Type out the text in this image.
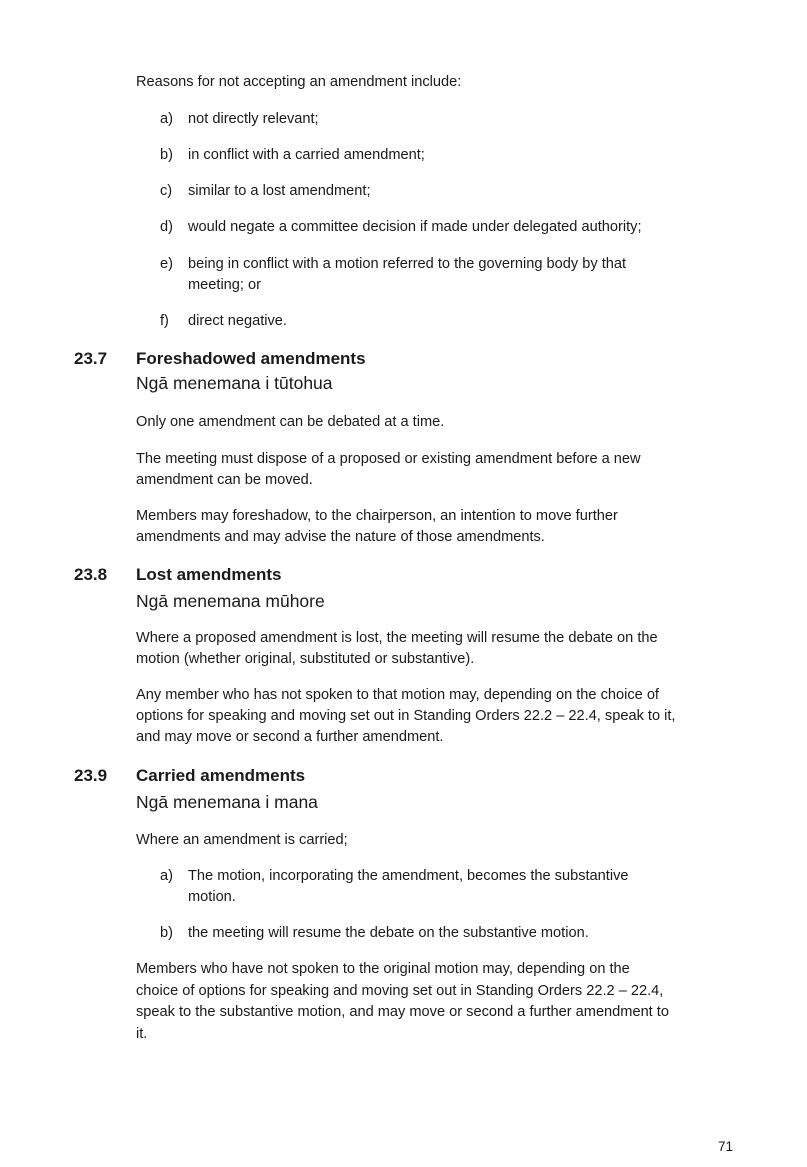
Reasons for not accepting an amendment include:
a) not directly relevant;
b) in conflict with a carried amendment;
c) similar to a lost amendment;
d) would negate a committee decision if made under delegated authority;
e) being in conflict with a motion referred to the governing body by that
meeting; or
f) direct negative.
23.7 Foreshadowed amendments
Ngā menemana i tūtohua
Only one amendment can be debated at a time.
The meeting must dispose of a proposed or existing amendment before a new
amendment can be moved.
Members may foreshadow, to the chairperson, an intention to move further
amendments and may advise the nature of those amendments.
23.8 Lost amendments
Ngā menemana mūhore
Where a proposed amendment is lost, the meeting will resume the debate on the
motion (whether original, substituted or substantive).
Any member who has not spoken to that motion may, depending on the choice of
options for speaking and moving set out in Standing Orders 22.2 – 22.4, speak to it,
and may move or second a further amendment.
23.9 Carried amendments
Ngā menemana i mana
Where an amendment is carried;
a) The motion, incorporating the amendment, becomes the substantive
motion.
b) the meeting will resume the debate on the substantive motion.
Members who have not spoken to the original motion may, depending on the
choice of options for speaking and moving set out in Standing Orders 22.2 – 22.4,
speak to the substantive motion, and may move or second a further amendment to
it.
71
